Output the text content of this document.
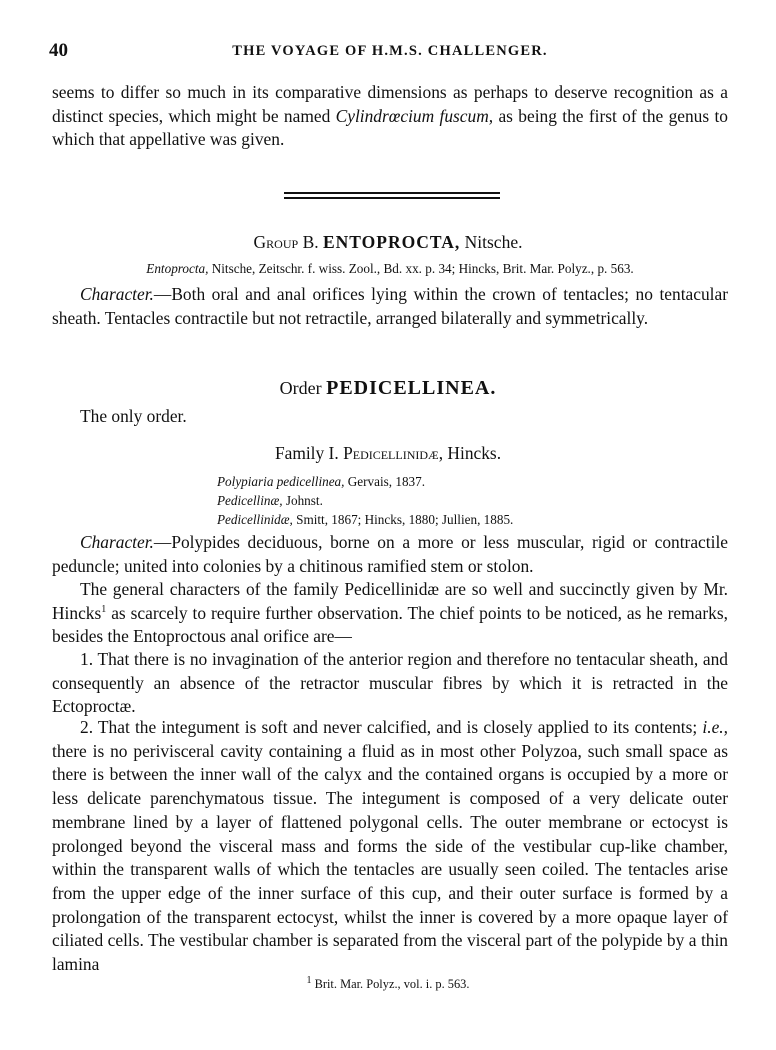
40	THE VOYAGE OF H.M.S. CHALLENGER.

seems to differ so much in its comparative dimensions as perhaps to deserve recognition as a distinct species, which might be named Cylindrœcium fuscum, as being the first of the genus to which that appellative was given.

Group B. ENTOPROCTA, Nitsche.
Entoprocta, Nitsche, Zeitschr. f. wiss. Zool., Bd. xx. p. 34; Hincks, Brit. Mar. Polyz., p. 563.

Character.—Both oral and anal orifices lying within the crown of tentacles; no tentacular sheath. Tentacles contractile but not retractile, arranged bilaterally and symmetrically.

Order PEDICELLINEA.

The only order.

Family I. Pedicellinidæ, Hincks.
Polypiaria pedicellinea, Gervais, 1837.
Pedicellinæ, Johnst.
Pedicellinidæ, Smitt, 1867; Hincks, 1880; Jullien, 1885.

Character.—Polypides deciduous, borne on a more or less muscular, rigid or contractile peduncle; united into colonies by a chitinous ramified stem or stolon.

The general characters of the family Pedicellinidæ are so well and succinctly given by Mr. Hincks$^1$ as scarcely to require further observation. The chief points to be noticed, as he remarks, besides the Entoproctous anal orifice are—

1. That there is no invagination of the anterior region and therefore no tentacular sheath, and consequently an absence of the retractor muscular fibres by which it is retracted in the Ectoproctæ.

2. That the integument is soft and never calcified, and is closely applied to its contents; i.e., there is no perivisceral cavity containing a fluid as in most other Polyzoa, such small space as there is between the inner wall of the calyx and the contained organs is occupied by a more or less delicate parenchymatous tissue. The integument is composed of a very delicate outer membrane lined by a layer of flattened polygonal cells. The outer membrane or ectocyst is prolonged beyond the visceral mass and forms the side of the vestibular cup-like chamber, within the transparent walls of which the tentacles are usually seen coiled. The tentacles arise from the upper edge of the inner surface of this cup, and their outer surface is formed by a prolongation of the transparent ectocyst, whilst the inner is covered by a more opaque layer of ciliated cells. The vestibular chamber is separated from the visceral part of the polypide by a thin lamina

$^1$ Brit. Mar. Polyz., vol. i. p. 563.
